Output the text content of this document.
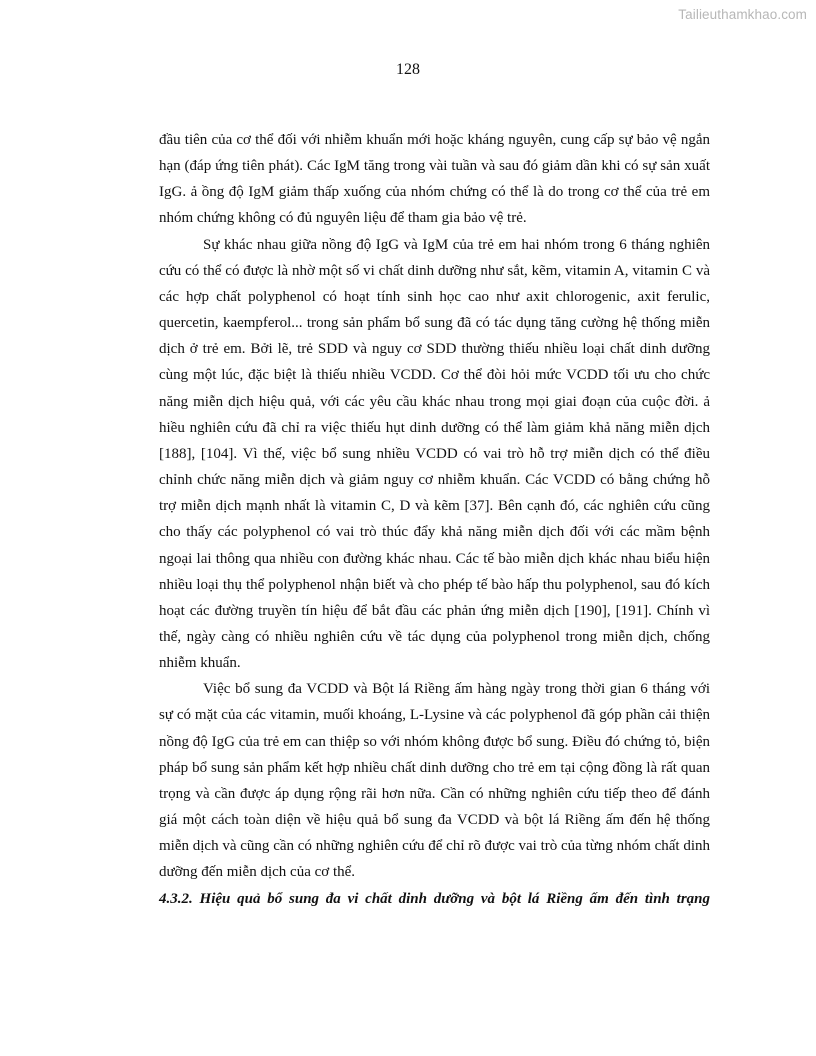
Tailieuthamkhao.com
128

đầu tiên của cơ thể đối với nhiễm khuẩn mới hoặc kháng nguyên, cung cấp sự bảo vệ ngắn hạn (đáp ứng tiên phát). Các IgM tăng trong vài tuần và sau đó giảm dần khi có sự sản xuất IgG. ả ồng độ IgM giảm thấp xuống của nhóm chứng có thể là do trong cơ thể của trẻ em nhóm chứng không có đủ nguyên liệu để tham gia bảo vệ trẻ.

Sự khác nhau giữa nồng độ IgG và IgM của trẻ em hai nhóm trong 6 tháng nghiên cứu có thể có được là nhờ một số vi chất dinh dưỡng như sắt, kẽm, vitamin A, vitamin C và các hợp chất polyphenol có hoạt tính sinh học cao như axit chlorogenic, axit ferulic, quercetin, kaempferol... trong sản phẩm bổ sung đã có tác dụng tăng cường hệ thống miễn dịch ở trẻ em. Bởi lẽ, trẻ SDD và nguy cơ SDD thường thiếu nhiều loại chất dinh dưỡng cùng một lúc, đặc biệt là thiếu nhiều VCDD. Cơ thể đòi hỏi mức VCDD tối ưu cho chức năng miễn dịch hiệu quả, với các yêu cầu khác nhau trong mọi giai đoạn của cuộc đời. ả hiều nghiên cứu đã chỉ ra việc thiếu hụt dinh dưỡng có thể làm giảm khả năng miễn dịch [188], [104]. Vì thế, việc bổ sung nhiều VCDD có vai trò hỗ trợ miễn dịch có thể điều chỉnh chức năng miễn dịch và giảm nguy cơ nhiễm khuẩn. Các VCDD có bằng chứng hỗ trợ miễn dịch mạnh nhất là vitamin C, D và kẽm [37]. Bên cạnh đó, các nghiên cứu cũng cho thấy các polyphenol có vai trò thúc đẩy khả năng miễn dịch đối với các mầm bệnh ngoại lai thông qua nhiều con đường khác nhau. Các tế bào miễn dịch khác nhau biểu hiện nhiều loại thụ thể polyphenol nhận biết và cho phép tế bào hấp thu polyphenol, sau đó kích hoạt các đường truyền tín hiệu để bắt đầu các phản ứng miễn dịch [190], [191]. Chính vì thế, ngày càng có nhiều nghiên cứu về tác dụng của polyphenol trong miễn dịch, chống nhiễm khuẩn.

Việc bổ sung đa VCDD và Bột lá Riềng ấm hàng ngày trong thời gian 6 tháng với sự có mặt của các vitamin, muối khoáng, L-Lysine và các polyphenol đã góp phần cải thiện nồng độ IgG của trẻ em can thiệp so với nhóm không được bổ sung. Điều đó chứng tỏ, biện pháp bổ sung sản phẩm kết hợp nhiều chất dinh dưỡng cho trẻ em tại cộng đồng là rất quan trọng và cần được áp dụng rộng rãi hơn nữa. Cần có những nghiên cứu tiếp theo để đánh giá một cách toàn diện về hiệu quả bổ sung đa VCDD và bột lá Riềng ấm đến hệ thống miễn dịch và cũng cần có những nghiên cứu để chỉ rõ được vai trò của từng nhóm chất dinh dưỡng đến miễn dịch của cơ thể.

4.3.2. Hiệu quả bổ sung đa vi chất dinh dưỡng và bột lá Riềng ấm đến tình trạng
